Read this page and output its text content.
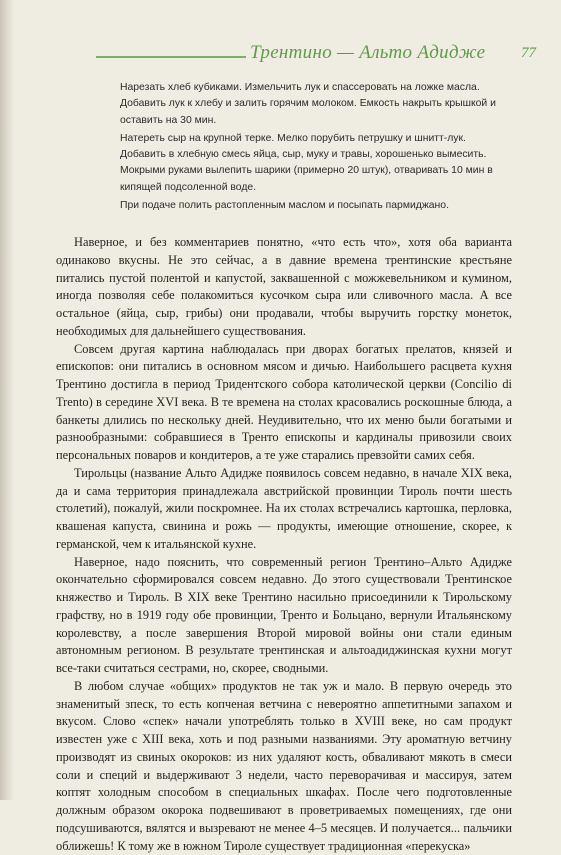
Трентино — Альто Адидже 77

Нарезать хлеб кубиками. Измельчить лук и спассеровать на ложке масла. Добавить лук к хлебу и залить горячим молоком. Емкость накрыть крышкой и оставить на 30 мин.

Натереть сыр на крупной терке. Мелко порубить петрушку и шнитт-лук. Добавить в хлебную смесь яйца, сыр, муку и травы, хорошенько вымесить. Мокрыми руками вылепить шарики (примерно 20 штук), отваривать 10 мин в кипящей подсоленной воде.

При подаче полить растопленным маслом и посыпать пармиджано.

Наверное, и без комментариев понятно, «что есть что», хотя оба варианта одинаково вкусны. Не это сейчас, а в давние времена трентинские крестьяне питались пустой полентой и капустой, заквашенной с можжевельником и кумином, иногда позволяя себе полакомиться кусочком сыра или сливочного масла. А все остальное (яйца, сыр, грибы) они продавали, чтобы выручить горстку монеток, необходимых для дальнейшего существования.

Совсем другая картина наблюдалась при дворах богатых прелатов, князей и епископов: они питались в основном мясом и дичью. Наибольшего расцвета кухня Трентино достигла в период Тридентского собора католической церкви (Concilio di Trento) в середине XVI века. В те времена на столах красовались роскошные блюда, а банкеты длились по нескольку дней. Неудивительно, что их меню были богатыми и разнообразными: собравшиеся в Тренто епископы и кардиналы привозили своих персональных поваров и кондитеров, а те уже старались превзойти самих себя.

Тирольцы (название Альто Адидже появилось совсем недавно, в начале XIX века, да и сама территория принадлежала австрийской провинции Тироль почти шесть столетий), пожалуй, жили поскромнее. На их столах встречались картошка, перловка, квашеная капуста, свинина и рожь — продукты, имеющие отношение, скорее, к германской, чем к итальянской кухне.

Наверное, надо пояснить, что современный регион Трентино–Альто Адидже окончательно сформировался совсем недавно. До этого существовали Трентинское княжество и Тироль. В XIX веке Трентино насильно присоединили к Тирольскому графству, но в 1919 году обе провинции, Тренто и Больцано, вернули Итальянскому королевству, а после завершения Второй мировой войны они стали единым автономным регионом. В результате трентинская и альтоадиджинская кухни могут все-таки считаться сестрами, но, скорее, сводными.

В любом случае «общих» продуктов не так уж и мало. В первую очередь это знаменитый зпеск, то есть копченая ветчина с невероятно аппетитными запахом и вкусом. Слово «спек» начали употреблять только в XVIII веке, но сам продукт известен уже с XIII века, хоть и под разными названиями. Эту ароматную ветчину производят из свиных окороков: из них удаляют кость, обваливают мякоть в смеси соли и специй и выдерживают 3 недели, часто переворачивая и массируя, затем коптят холодным способом в специальных шкафах. После чего подготовленные должным образом окорока подвешивают в проветриваемых помещениях, где они подсушиваются, вялятся и вызревают не менее 4–5 месяцев. И получается... пальчики оближешь! К тому же в южном Тироле существует традиционная «перекуска»
